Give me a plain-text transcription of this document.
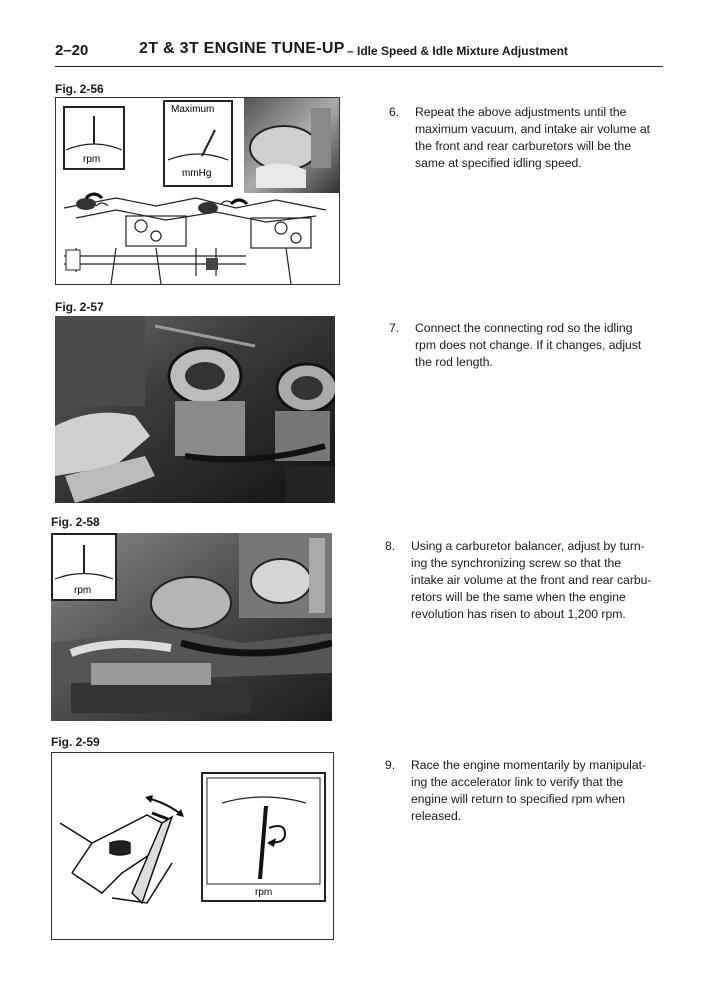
2–20	2T & 3T ENGINE TUNE-UP – Idle Speed & Idle Mixture Adjustment
Fig. 2-56
rpm
Maximum
mmHg
6. Repeat the above adjustments until the
maximum vacuum, and intake air volume at
the front and rear carburetors will be the
same at specified idling speed.
Fig. 2-57
7. Connect the connecting rod so the idling
rpm does not change. If it changes, adjust
the rod length.
Fig. 2-58
rpm
8. Using a carburetor balancer, adjust by turn-
ing the synchronizing screw so that the
intake air volume at the front and rear carbu-
retors will be the same when the engine
revolution has risen to about 1,200 rpm.
Fig. 2-59
rpm
9. Race the engine momentarily by manipulat-
ing the accelerator link to verify that the
engine will return to specified rpm when
released.
